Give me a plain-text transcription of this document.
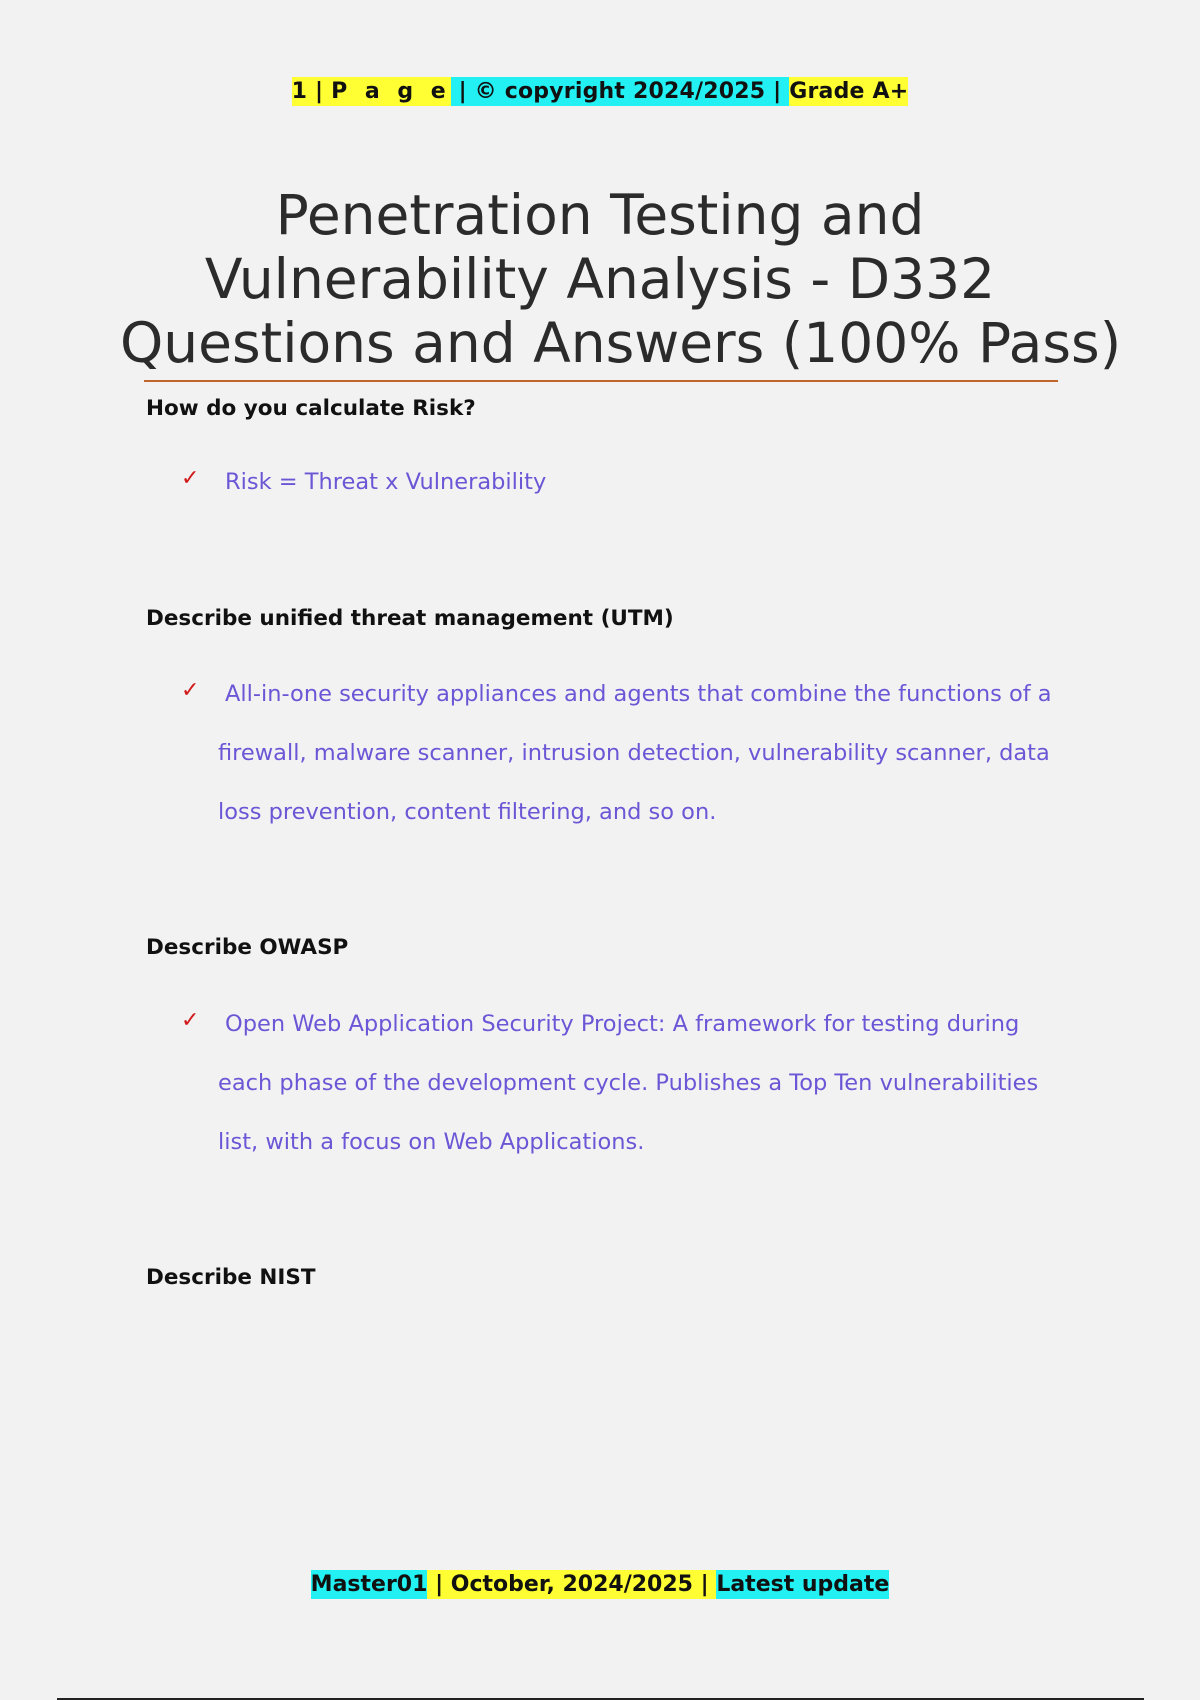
1 | P a g e | © copyright 2024/2025 | Grade A+
Penetration Testing and
Vulnerability Analysis - D332
Questions and Answers (100% Pass)
How do you calculate Risk?
✓	Risk = Threat x Vulnerability
Describe unified threat management (UTM)
✓	All-in-one security appliances and agents that combine the functions of a firewall, malware scanner, intrusion detection, vulnerability scanner, data loss prevention, content filtering, and so on.
Describe OWASP
✓	Open Web Application Security Project: A framework for testing during each phase of the development cycle. Publishes a Top Ten vulnerabilities list, with a focus on Web Applications.
Describe NIST
Master01 | October, 2024/2025 | Latest update
